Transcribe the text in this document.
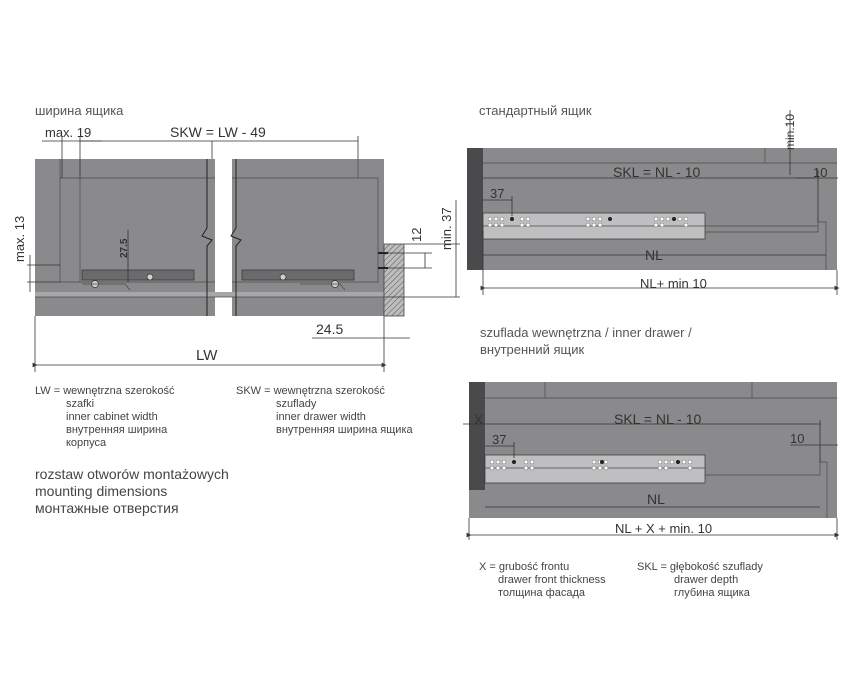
ширина ящика	стандартный ящик
szuflada wewnętrzna / inner drawer /
внутренний ящик
max. 19	SKW = LW - 49
max. 13	27.5	min. 37
12
24.5
LW
min.10
SKL = NL - 10	10
37
NL
NL+ min 10
X	SKL = NL - 10
37	10
NL
NL + X + min. 10
LW = wewnętrzna szerokość
szafki
inner cabinet width
внутренняя ширина
корпуса
SKW = wewnętrzna szerokość
szuflady
inner drawer width
внутренняя ширина ящика
rozstaw otworów montażowych
mounting dimensions
монтажные отверстия
X = grubość frontu
drawer front thickness
толщина фасада
SKL = głębokość szuflady
drawer depth
глубина ящика
